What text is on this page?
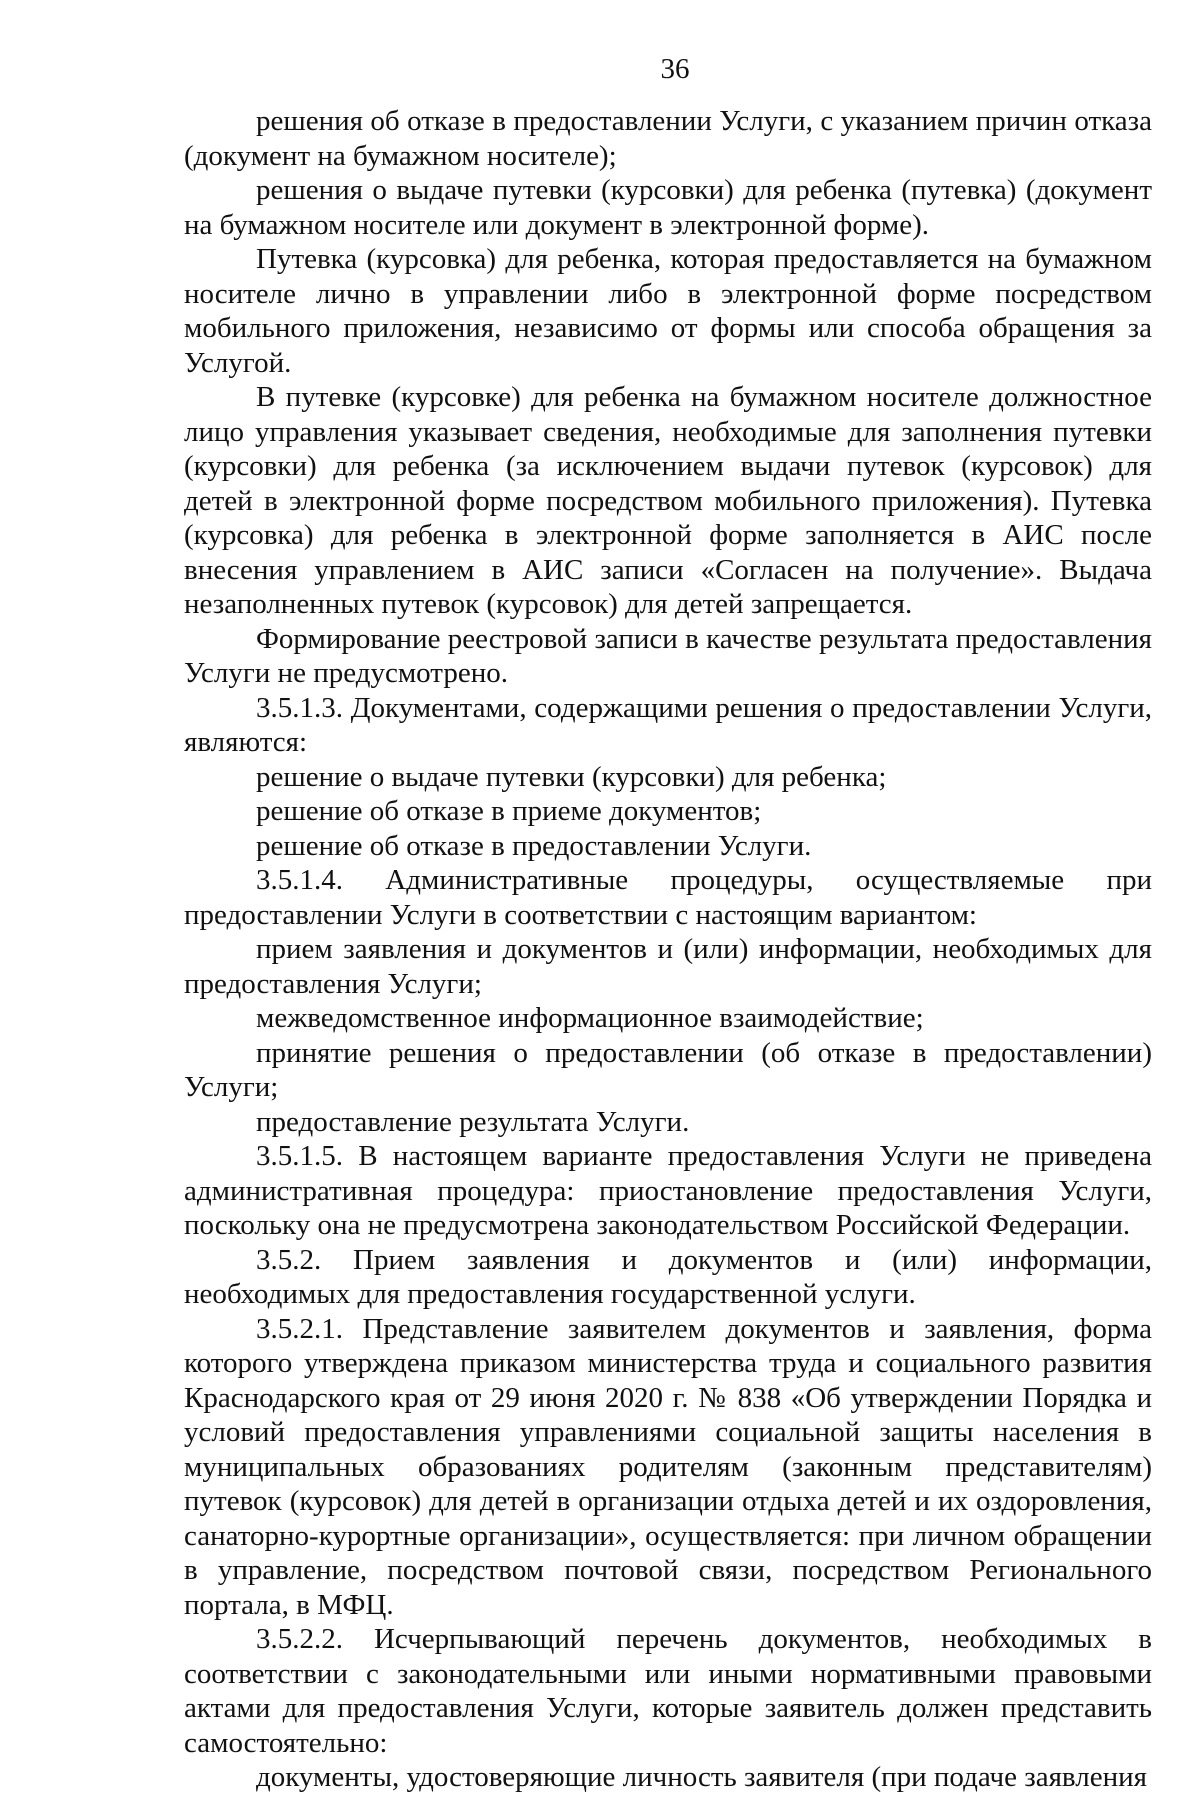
36

решения об отказе в предоставлении Услуги, с указанием причин отказа (документ на бумажном носителе);

решения о выдаче путевки (курсовки) для ребенка (путевка) (документ на бумажном носителе или документ в электронной форме).

Путевка (курсовка) для ребенка, которая предоставляется на бумажном носителе лично в управлении либо в электронной форме посредством мобильного приложения, независимо от формы или способа обращения за Услугой.

В путевке (курсовке) для ребенка на бумажном носителе должностное лицо управления указывает сведения, необходимые для заполнения путевки (курсовки) для ребенка (за исключением выдачи путевок (курсовок) для детей в электронной форме посредством мобильного приложения). Путевка (курсовка) для ребенка в электронной форме заполняется в АИС после внесения управлением в АИС записи «Согласен на получение». Выдача незаполненных путевок (курсовок) для детей запрещается.

Формирование реестровой записи в качестве результата предоставления Услуги не предусмотрено.

3.5.1.3. Документами, содержащими решения о предоставлении Услуги, являются:

решение о выдаче путевки (курсовки) для ребенка;

решение об отказе в приеме документов;

решение об отказе в предоставлении Услуги.

3.5.1.4. Административные процедуры, осуществляемые при предоставлении Услуги в соответствии с настоящим вариантом:

прием заявления и документов и (или) информации, необходимых для предоставления Услуги;

межведомственное информационное взаимодействие;

принятие решения о предоставлении (об отказе в предоставлении) Услуги;

предоставление результата Услуги.

3.5.1.5. В настоящем варианте предоставления Услуги не приведена административная процедура: приостановление предоставления Услуги, поскольку она не предусмотрена законодательством Российской Федерации.

3.5.2. Прием заявления и документов и (или) информации, необходимых для предоставления государственной услуги.

3.5.2.1. Представление заявителем документов и заявления, форма которого утверждена приказом министерства труда и социального развития Краснодарского края от 29 июня 2020 г. № 838 «Об утверждении Порядка и условий предоставления управлениями социальной защиты населения в муниципальных образованиях родителям (законным представителям) путевок (курсовок) для детей в организации отдыха детей и их оздоровления, санаторно-курортные организации», осуществляется: при личном обращении в управление, посредством почтовой связи, посредством Регионального портала, в МФЦ.

3.5.2.2. Исчерпывающий перечень документов, необходимых в соответствии с законодательными или иными нормативными правовыми актами для предоставления Услуги, которые заявитель должен представить самостоятельно:

документы, удостоверяющие личность заявителя (при подаче заявления
